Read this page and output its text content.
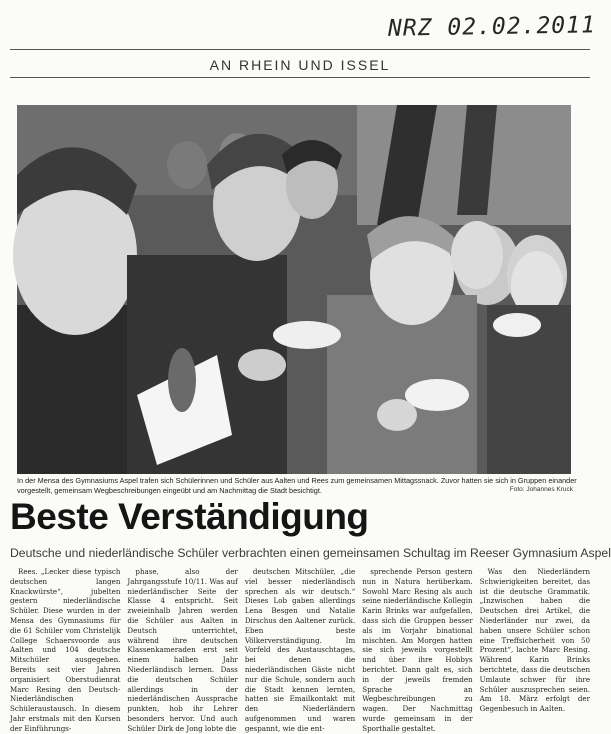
NRZ 02.02.2011
AN RHEIN UND ISSEL
In der Mensa des Gymnasiums Aspel trafen sich Schülerinnen und Schüler aus Aalten und Rees zum gemeinsamen Mittagssnack. Zuvor hatten sie sich in Gruppen einander vorgestellt, gemeinsam Wegbeschreibungen eingeübt und am Nachmittag die Stadt besichtigt.	Foto: Johannes Kruck
Beste Verständigung
Deutsche und niederländische Schüler verbrachten einen gemeinsamen Schultag im Reeser Gymnasium Aspel

Rees. „Lecker diese typisch deutschen langen Knackwürste“, jubelten gestern niederländische Schüler. Diese wurden in der Mensa des Gymnasiums für die 61 Schüler vom Christelijk College Schaersvoorde aus Aalten und 104 deutsche Mitschüler ausgegeben. Bereits seit vier Jahren organisiert Oberstudienrat Marc Resing den Deutsch-Niederländischen Schüleraustausch. In diesem Jahr erstmals mit den Kursen der Einführungs-

phase, also der Jahrgangsstufe 10/11. Was auf niederländischer Seite der Klasse 4 entspricht. Seit zweieinhalb Jahren werden die Schüler aus Aalten in Deutsch unterrichtet, während ihre deutschen Klassenkameraden erst seit einem halben Jahr Niederländisch lernen. Dass die deutschen Schüler allerdings in der niederländischen Aussprache punkten, hob ihr Lehrer besonders hervor. Und auch Schüler Dirk de Jong lobte die

deutschen Mitschüler, „die viel besser niederländisch sprechen als wir deutsch.“ Dieses Lob gaben allerdings Lena Besgen und Natalie Dirschus den Aaltener zurück. Eben beste Völkerverständigung. Im Vorfeld des Austauschtages, bei denen die niederländischen Gäste nicht nur die Schule, sondern auch die Stadt kennen lernten, hatten sie Emailkontakt mit den Niederländern aufgenommen und waren gespannt, wie die ent-

sprechende Person gestern nun in Natura herüberkam. Sowohl Marc Resing als auch seine niederländische Kollegin Karin Brinks war aufgefallen, dass sich die Gruppen besser als im Vorjahr binational mischten. Am Morgen hatten sie sich jeweils vorgestellt und über ihre Hobbys berichtet. Dann galt es, sich in der jeweils fremden Sprache an Wegbeschreibungen zu wagen. Der Nachmittag wurde gemeinsam in der Sporthalle gestaltet.

Was den Niederländern Schwierigkeiten bereitet, das ist die deutsche Grammatik. „Inzwischen haben die Deutschen drei Artikel, die Niederländer nur zwei, da haben unsere Schüler schon eine Treffsicherheit von 50 Prozent“, lachte Marc Resing. Während Karin Brinks berichtete, dass die deutschen Umlaute schwer für ihre Schüler auszusprechen seien. Am 18. März erfolgt der Gegenbesuch in Aalten.
